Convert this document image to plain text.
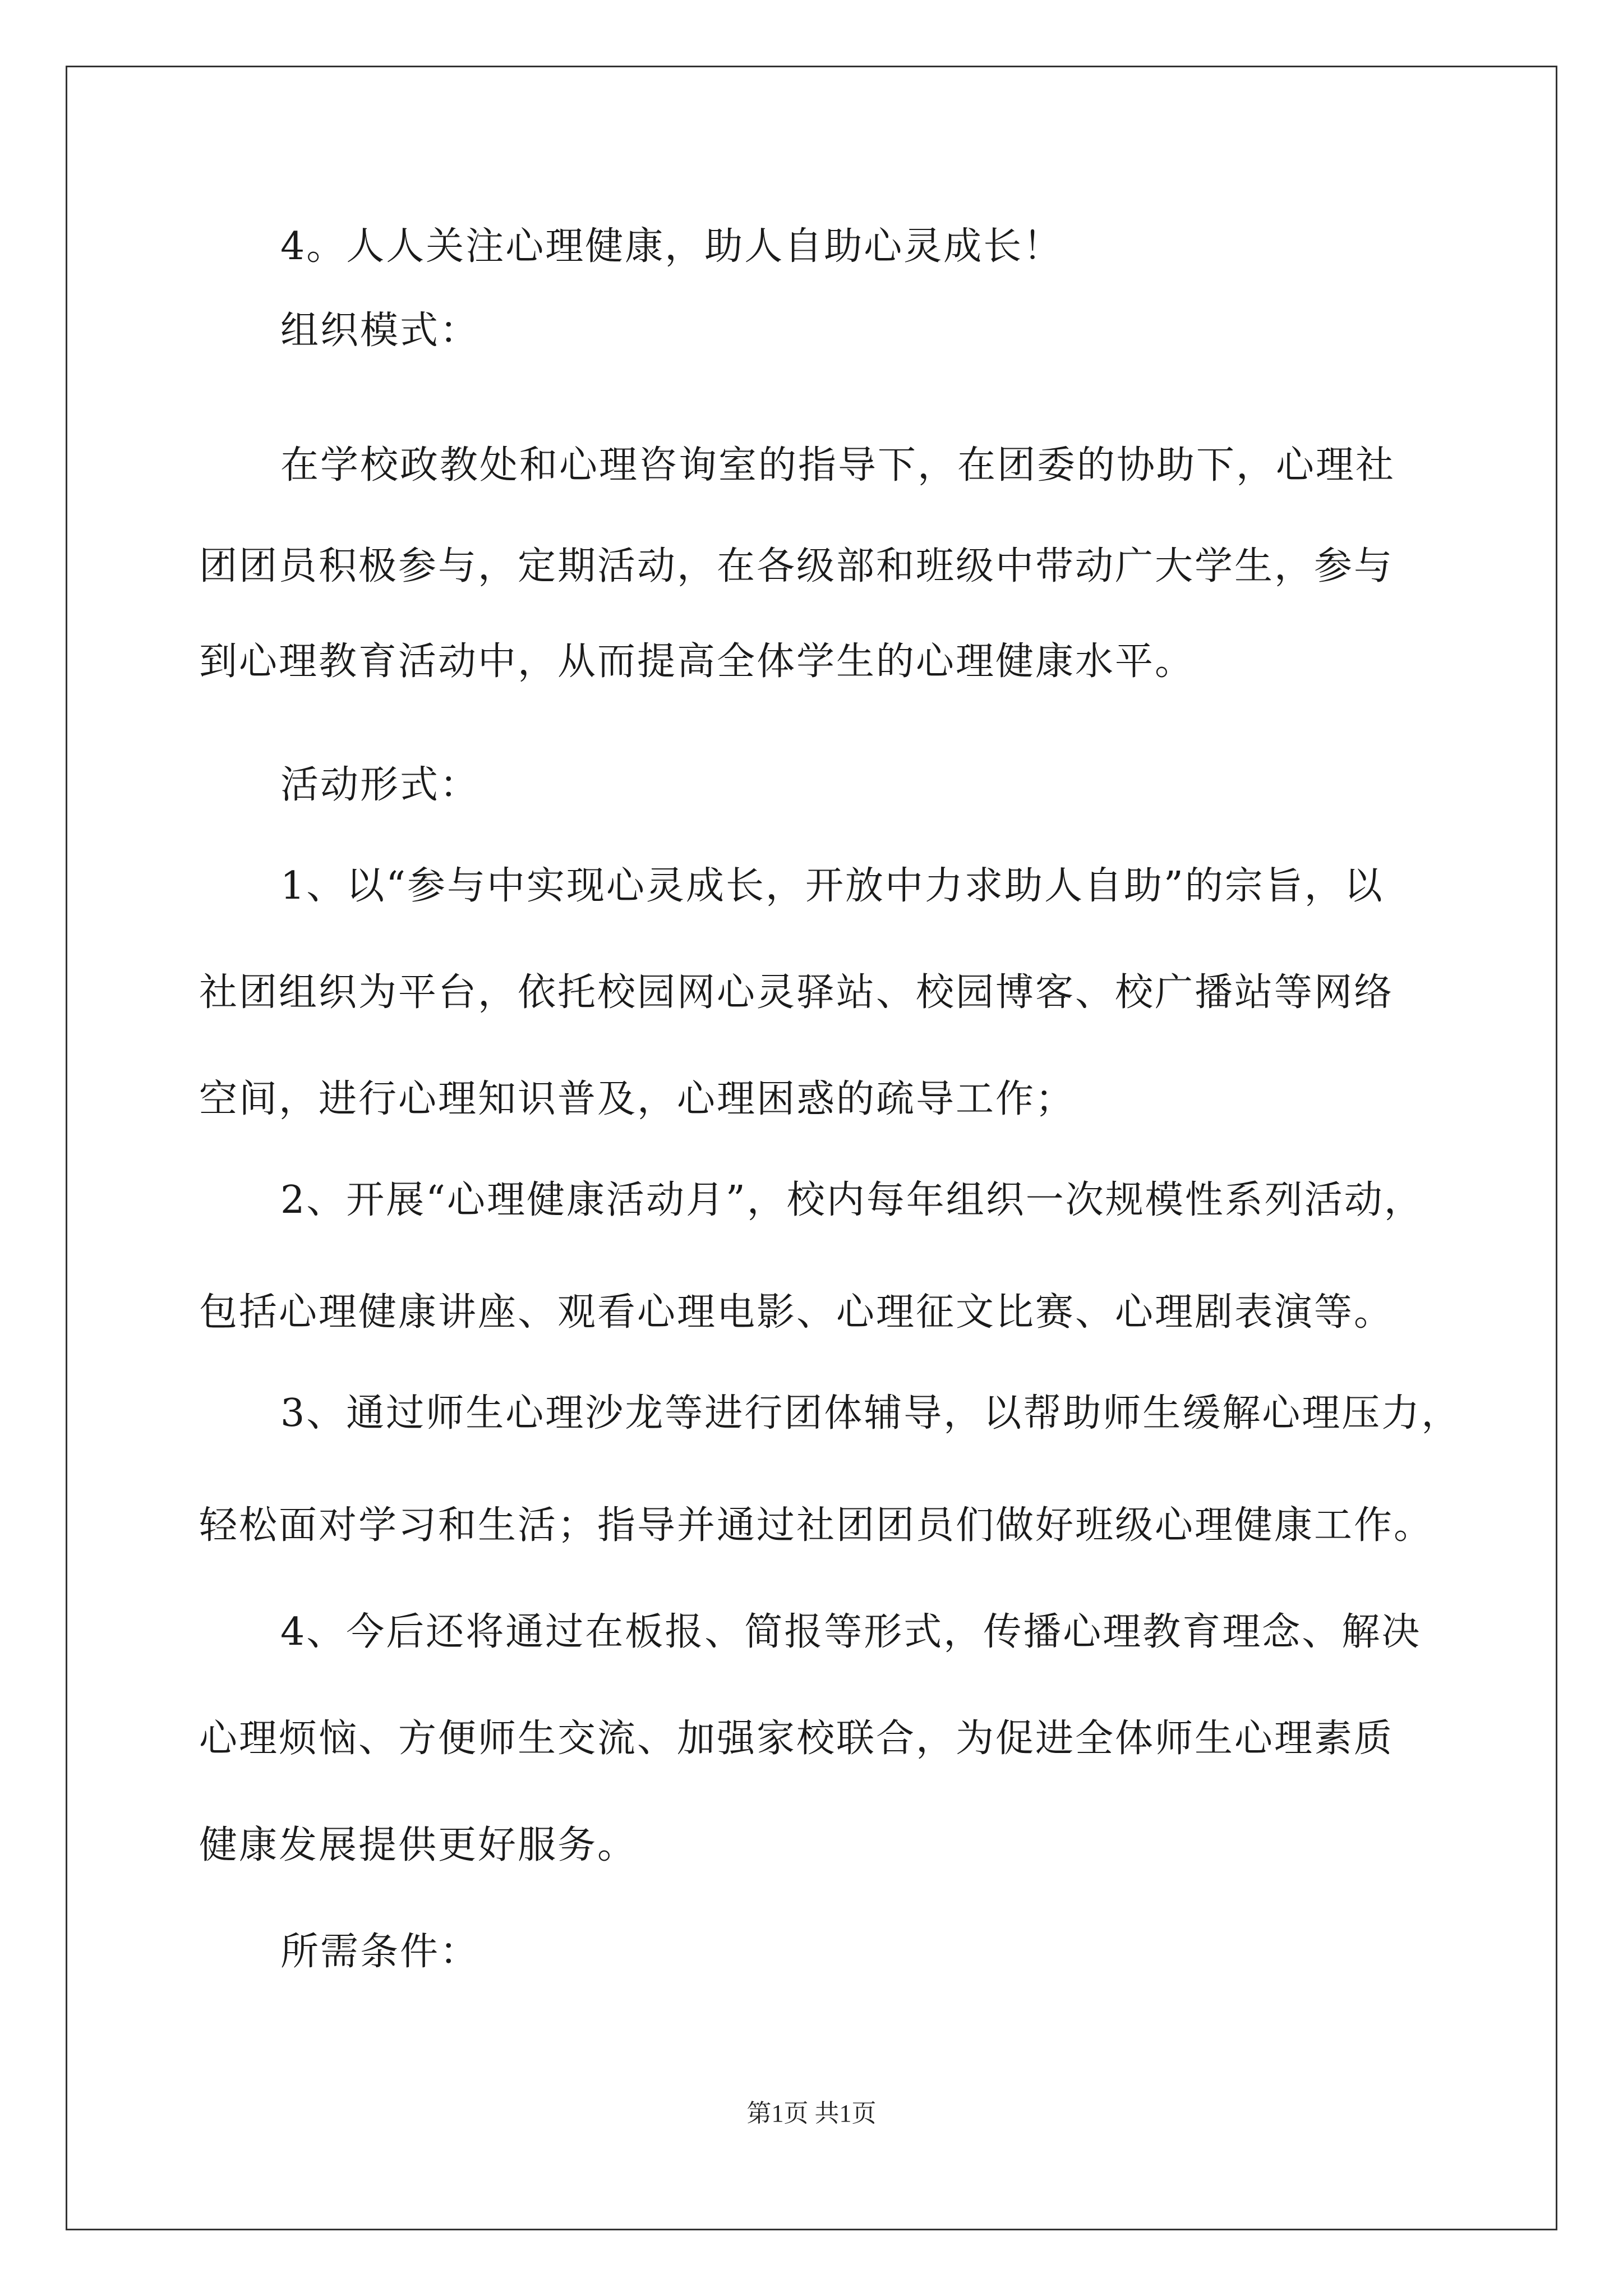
4。人人关注心理健康，助人自助心灵成长！
组织模式：
在学校政教处和心理咨询室的指导下，在团委的协助下，心理社
团团员积极参与，定期活动，在各级部和班级中带动广大学生，参与
到心理教育活动中，从而提高全体学生的心理健康水平。
活动形式：
1、以“参与中实现心灵成长，开放中力求助人自助”的宗旨，以
社团组织为平台，依托校园网心灵驿站、校园博客、校广播站等网络
空间，进行心理知识普及，心理困惑的疏导工作；
2、开展“心理健康活动月”，校内每年组织一次规模性系列活动，
包括心理健康讲座、观看心理电影、心理征文比赛、心理剧表演等。
3、通过师生心理沙龙等进行团体辅导，以帮助师生缓解心理压力，
轻松面对学习和生活；指导并通过社团团员们做好班级心理健康工作。
4、今后还将通过在板报、简报等形式，传播心理教育理念、解决
心理烦恼、方便师生交流、加强家校联合，为促进全体师生心理素质
健康发展提供更好服务。
所需条件：
第1页 共1页
